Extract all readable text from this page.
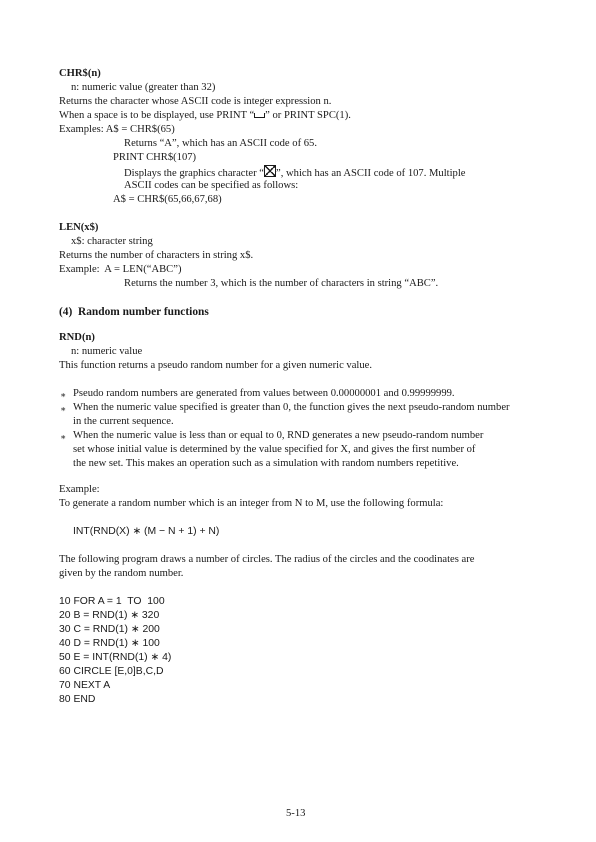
CHR$(n)
n: numeric value (greater than 32)
Returns the character whose ASCII code is integer expression n.
When a space is to be displayed, use PRINT “ ” or PRINT SPC(1).
Examples: A$ = CHR$(65)
Returns “A”, which has an ASCII code of 65.
PRINT CHR$(107)
Displays the graphics character “ ”, which has an ASCII code of 107. Multiple
ASCII codes can be specified as follows:
A$ = CHR$(65,66,67,68)
LEN(x$)
x$: character string
Returns the number of characters in string x$.
Example:  A = LEN(“ABC”)
Returns the number 3, which is the number of characters in string “ABC”.
(4)  Random number functions
RND(n)
n: numeric value
This function returns a pseudo random number for a given numeric value.
∗ Pseudo random numbers are generated from values between 0.00000001 and 0.99999999.
∗ When the numeric value specified is greater than 0, the function gives the next pseudo-random number
in the current sequence.
∗ When the numeric value is less than or equal to 0, RND generates a new pseudo-random number
set whose initial value is determined by the value specified for X, and gives the first number of
the new set. This makes an operation such as a simulation with random numbers repetitive.
Example:
To generate a random number which is an integer from N to M, use the following formula:
INT(RND(X) ∗ (M − N + 1) + N)
The following program draws a number of circles. The radius of the circles and the coodinates are
given by the random number.
10 FOR A = 1  TO  100
20 B = RND(1) ∗ 320
30 C = RND(1) ∗ 200
40 D = RND(1) ∗ 100
50 E = INT(RND(1) ∗ 4)
60 CIRCLE [E,0]B,C,D
70 NEXT A
80 END
5-13
